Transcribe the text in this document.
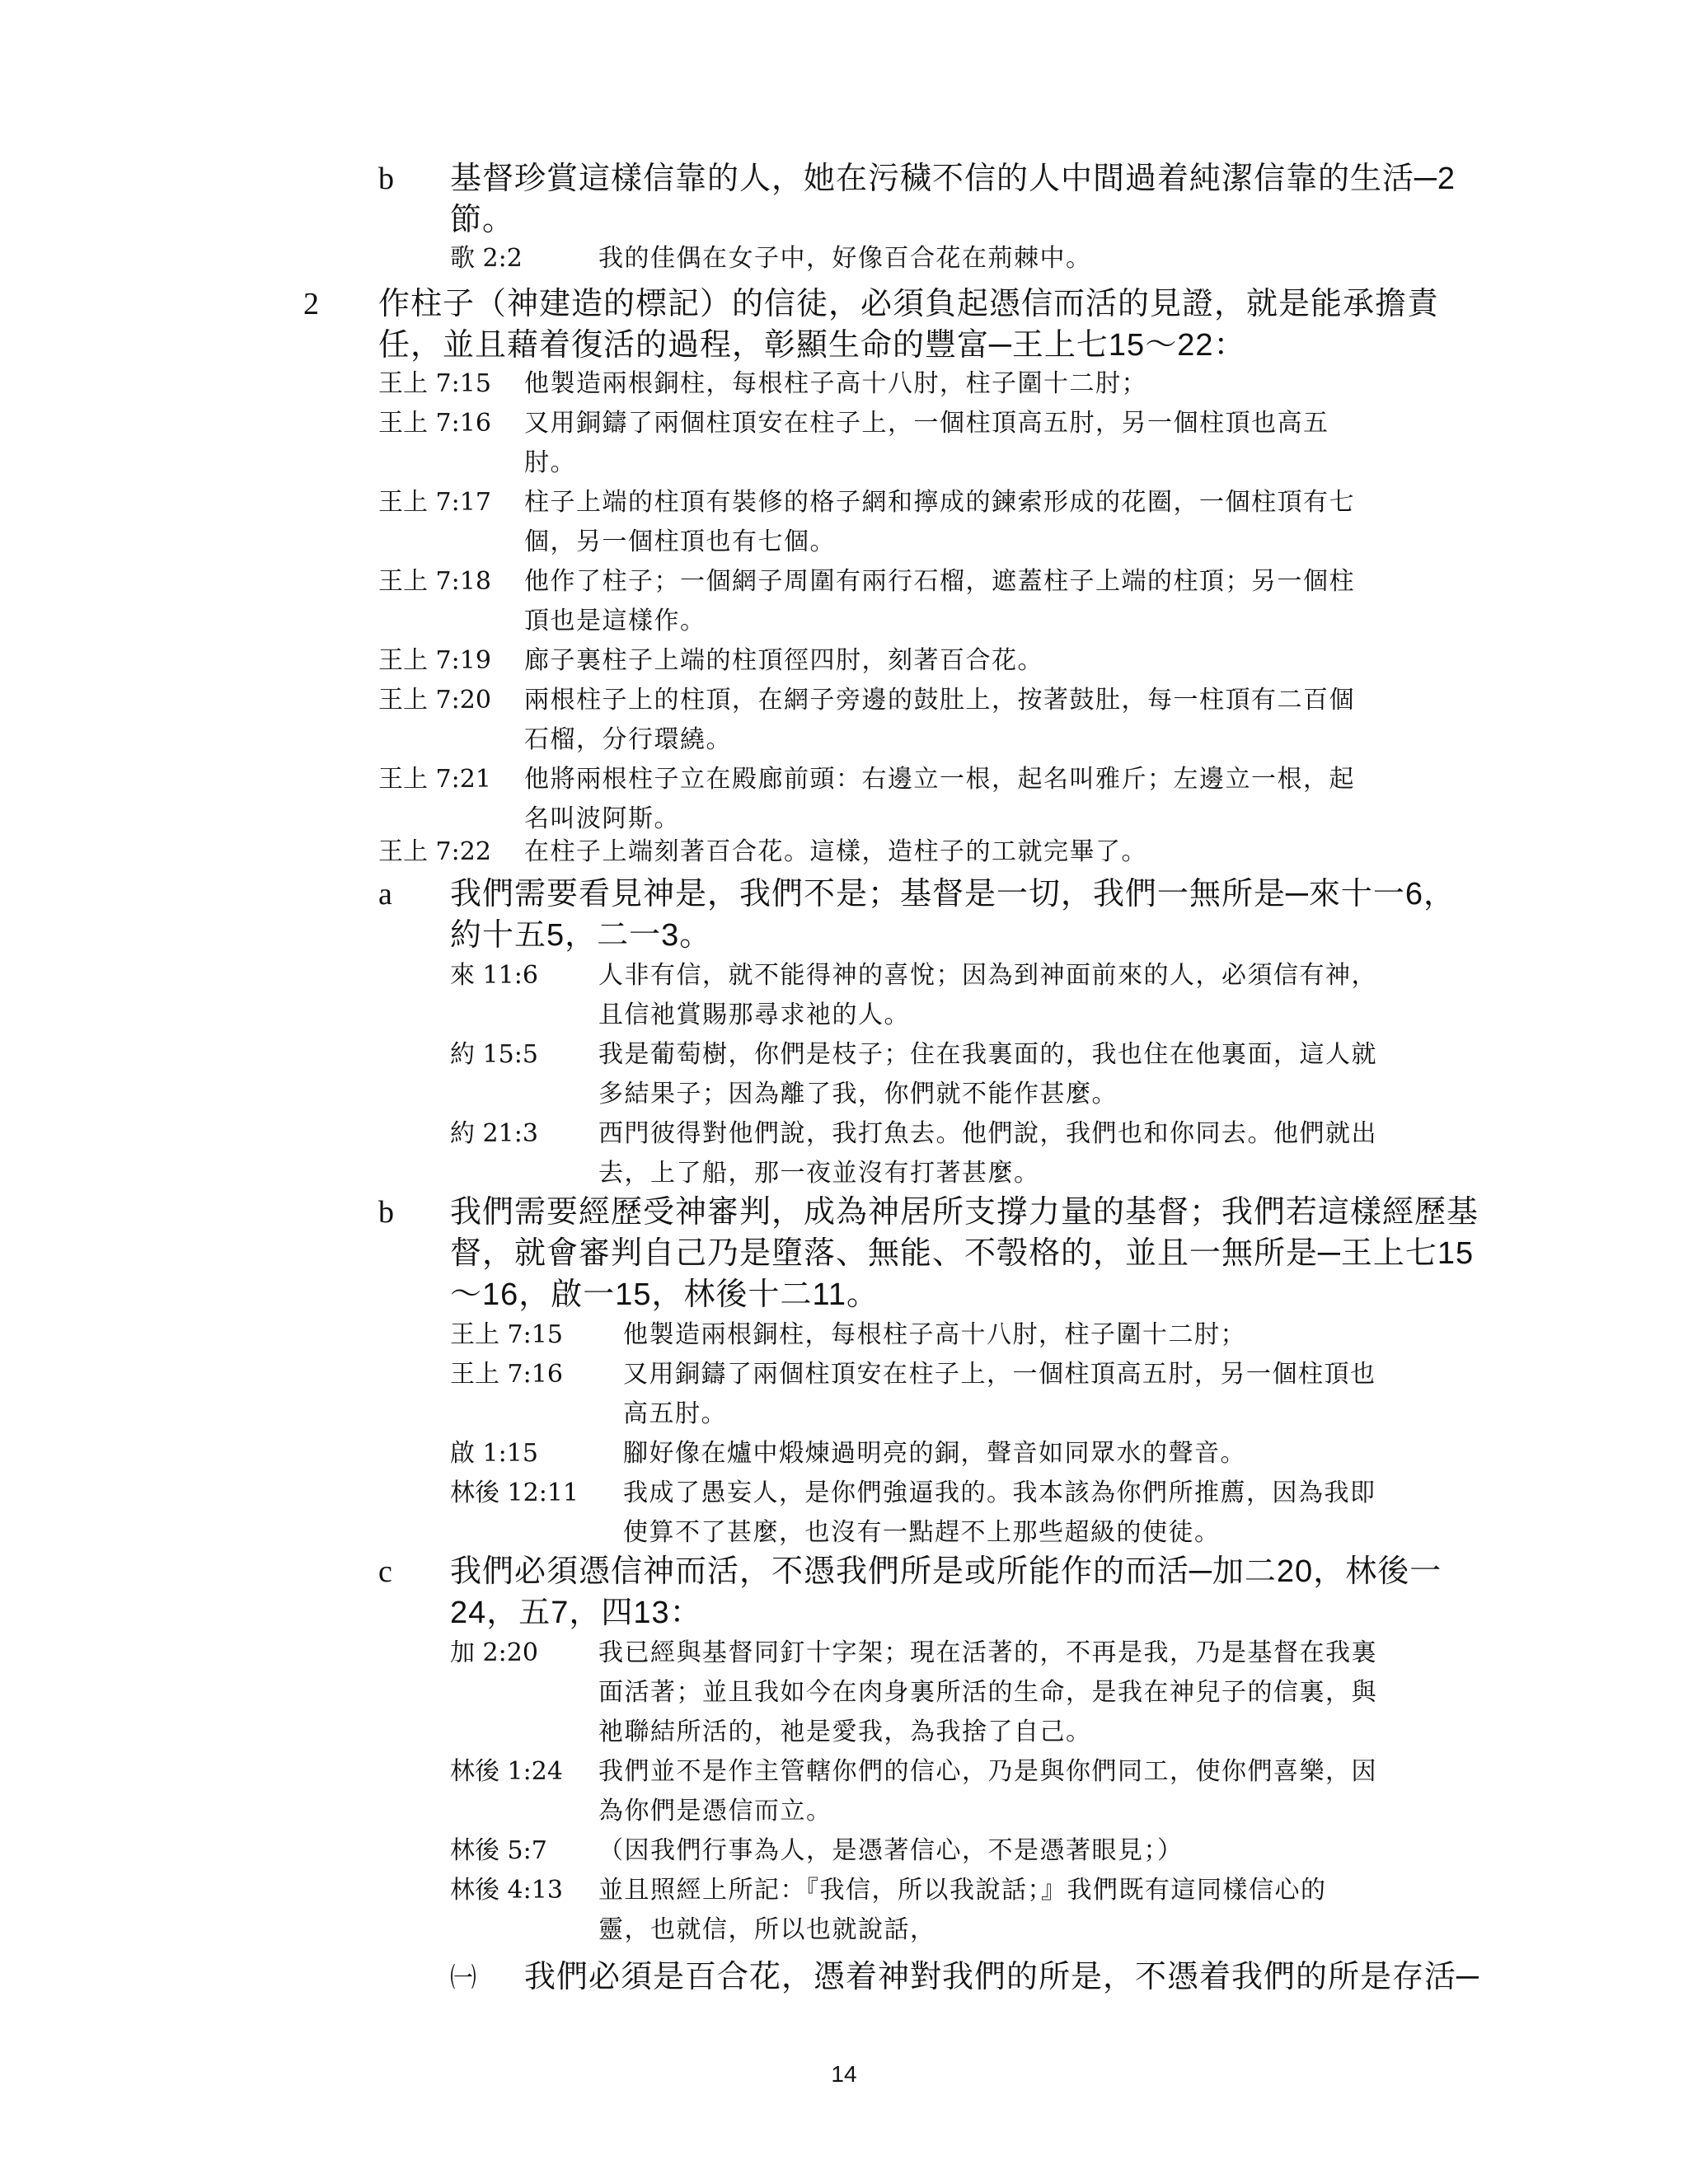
b 基督珍賞這樣信靠的人，她在污穢不信的人中間過着純潔信靠的生活─2
節。
歌 2:2	我的佳偶在女子中，好像百合花在荊棘中。
2 作柱子（神建造的標記）的信徒，必須負起憑信而活的見證，就是能承擔責
任，並且藉着復活的過程，彰顯生命的豐富─王上七15～22：
王上 7:15 他製造兩根銅柱，每根柱子高十八肘，柱子圍十二肘；
王上 7:16 又用銅鑄了兩個柱頂安在柱子上，一個柱頂高五肘，另一個柱頂也高五
肘。
王上 7:17 柱子上端的柱頂有裝修的格子網和擰成的鍊索形成的花圈，一個柱頂有七
個，另一個柱頂也有七個。
王上 7:18 他作了柱子；一個網子周圍有兩行石榴，遮蓋柱子上端的柱頂；另一個柱
頂也是這樣作。
王上 7:19 廊子裏柱子上端的柱頂徑四肘，刻著百合花。
王上 7:20 兩根柱子上的柱頂，在網子旁邊的鼓肚上，按著鼓肚，每一柱頂有二百個
石榴，分行環繞。
王上 7:21 他將兩根柱子立在殿廊前頭：右邊立一根，起名叫雅斤；左邊立一根，起
名叫波阿斯。
王上 7:22 在柱子上端刻著百合花。這樣，造柱子的工就完畢了。
a 我們需要看見神是，我們不是；基督是一切，我們一無所是─來十一6，
約十五5，二一3。
來 11:6 人非有信，就不能得神的喜悅；因為到神面前來的人，必須信有神，
且信祂賞賜那尋求祂的人。
約 15:5 我是葡萄樹，你們是枝子；住在我裏面的，我也住在他裏面，這人就
多結果子；因為離了我，你們就不能作甚麼。
約 21:3 西門彼得對他們說，我打魚去。他們說，我們也和你同去。他們就出
去，上了船，那一夜並沒有打著甚麼。
b 我們需要經歷受神審判，成為神居所支撐力量的基督；我們若這樣經歷基
督，就會審判自己乃是墮落、無能、不彀格的，並且一無所是─王上七15
～16，啟一15，林後十二11。
王上 7:15 他製造兩根銅柱，每根柱子高十八肘，柱子圍十二肘；
王上 7:16 又用銅鑄了兩個柱頂安在柱子上，一個柱頂高五肘，另一個柱頂也
高五肘。
啟 1:15	腳好像在爐中煅煉過明亮的銅，聲音如同眾水的聲音。
林後 12:11 我成了愚妄人，是你們強逼我的。我本該為你們所推薦，因為我即
使算不了甚麼，也沒有一點趕不上那些超級的使徒。
c 我們必須憑信神而活，不憑我們所是或所能作的而活─加二20，林後一
24，五7，四13：
加 2:20 我已經與基督同釘十字架；現在活著的，不再是我，乃是基督在我裏
面活著；並且我如今在肉身裏所活的生命，是我在神兒子的信裏，與
祂聯結所活的，祂是愛我，為我捨了自己。
林後 1:24 我們並不是作主管轄你們的信心，乃是與你們同工，使你們喜樂，因
為你們是憑信而立。
林後 5:7 （因我們行事為人，是憑著信心，不是憑著眼見；）
林後 4:13 並且照經上所記：『我信，所以我說話；』我們既有這同樣信心的
靈，也就信，所以也就說話，
㈠ 我們必須是百合花，憑着神對我們的所是，不憑着我們的所是存活─
14
